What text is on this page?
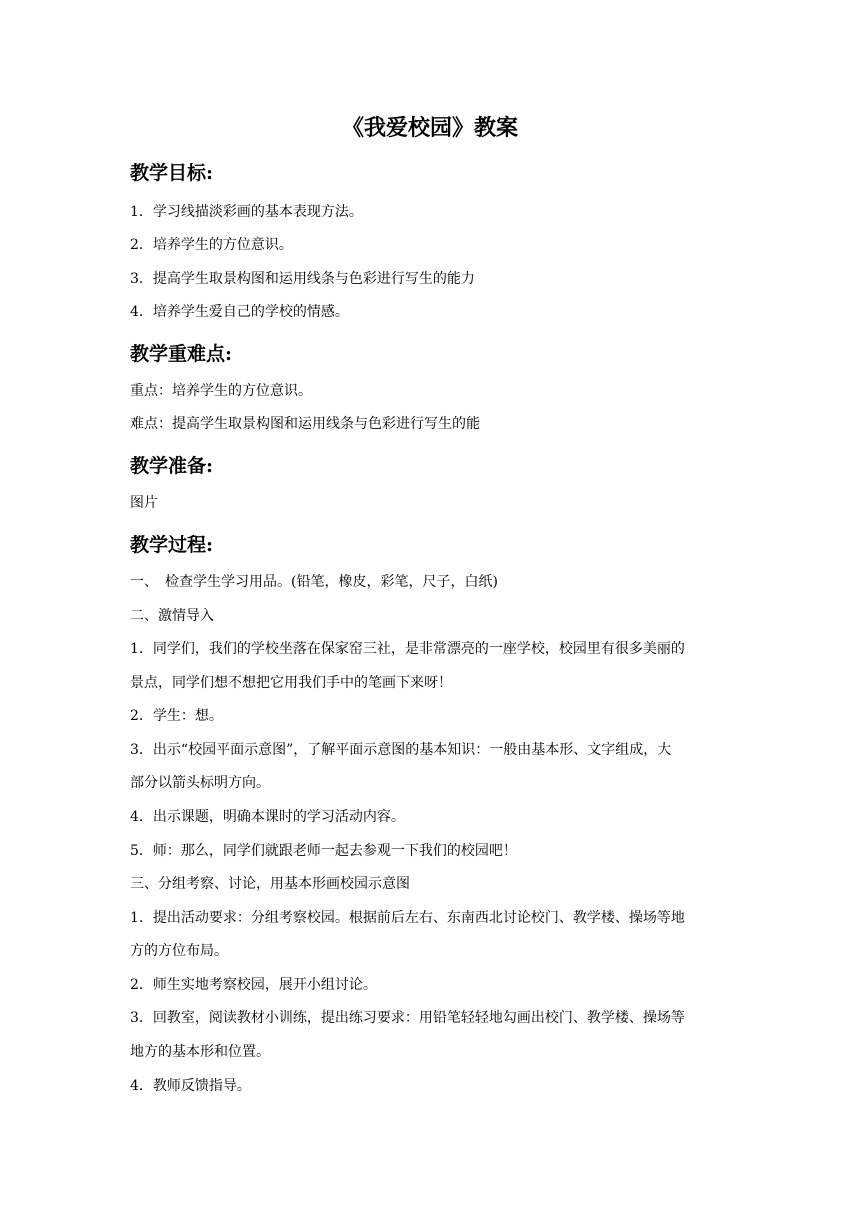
《我爱校园》教案
教学目标:
1．学习线描淡彩画的基本表现方法。
2．培养学生的方位意识。
3．提高学生取景构图和运用线条与色彩进行写生的能力
4．培养学生爱自己的学校的情感。
教学重难点:
重点：培养学生的方位意识。
难点：提高学生取景构图和运用线条与色彩进行写生的能
教学准备:
图片
教学过程:
一、　检查学生学习用品。(铅笔，橡皮，彩笔，尺子，白纸)
二、激情导入
1．同学们，我们的学校坐落在保家窑三社，是非常漂亮的一座学校，校园里有很多美丽的
景点，同学们想不想把它用我们手中的笔画下来呀！
2．学生：想。
3．出示“校园平面示意图”，了解平面示意图的基本知识：一般由基本形、文字组成，大
部分以箭头标明方向。
4．出示课题，明确本课时的学习活动内容。
5．师：那么，同学们就跟老师一起去参观一下我们的校园吧！
三、分组考察、讨论，用基本形画校园示意图
1．提出活动要求：分组考察校园。根据前后左右、东南西北讨论校门、教学楼、操场等地
方的方位布局。
2．师生实地考察校园，展开小组讨论。
3．回教室，阅读教材小训练，提出练习要求：用铅笔轻轻地勾画出校门、教学楼、操场等
地方的基本形和位置。
4．教师反馈指导。
